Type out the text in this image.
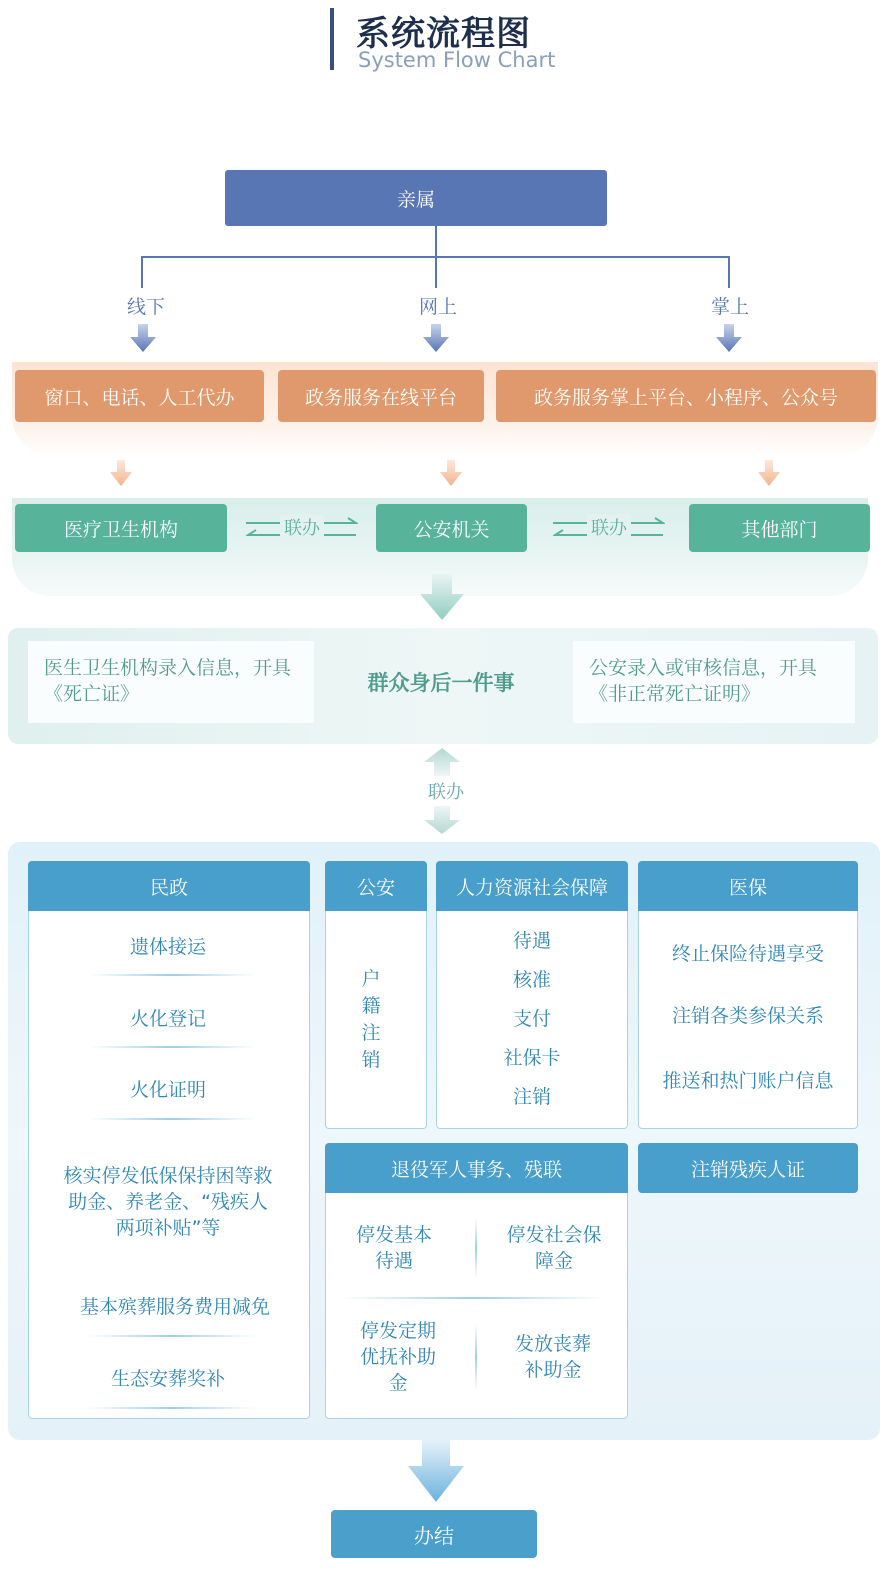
系统流程图
System Flow Chart
亲属
线下	网上	掌上
窗口、电话、人工代办	政务服务在线平台	政务服务掌上平台、小程序、公众号
医疗卫生机构	公安机关	其他部门
联办	联办
医生卫生机构录入信息，开具《死亡证》	群众身后一件事
公安录入或审核信息，开具《非正常死亡证明》
联办
民政
遗体接运
火化登记
火化证明
核实停发低保保持困等救助金、养老金、“残疾人两项补贴”等
基本殡葬服务费用减免
生态安葬奖补
公安
户
籍
注
销
人力资源社会保障
待遇
核准
支付
社保卡
注销
医保
终止保险待遇享受
注销各类参保关系
推送和热门账户信息
退役军人事务、残联
停发基本待遇
停发社会保障金
停发定期优抚补助金
发放丧葬补助金
注销残疾人证
办结
